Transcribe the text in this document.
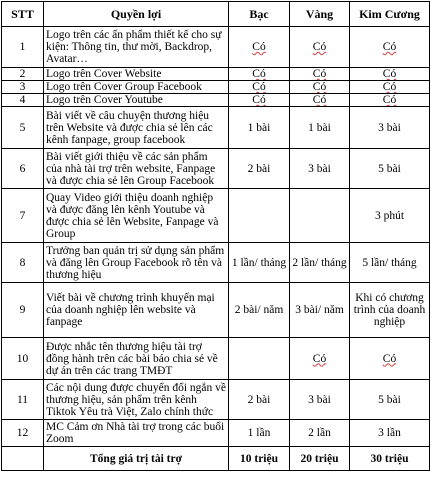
STT	Quyền lợi	Bạc	Vàng	Kim Cương
1	Logo trên các ấn phẩm thiết kế cho sự kiện: Thông tin, thư mời, Backdrop, Avatar…	Có	Có	Có
2	Logo trên Cover Website	Có	Có	Có
3	Logo trên Cover Group Facebook	Có	Có	Có
4	Logo trên Cover Youtube	Có	Có	Có
5	Bài viết về câu chuyện thương hiệu trên Website và được chia sẻ lên các kênh fanpage, group facebook	1 bài	1 bài	3 bài
6	Bài viết giới thiệu về các sản phẩm của nhà tài trợ trên website, Fanpage và được chia sẻ lên Group Facebook	2 bài	3 bài	5 bài
7	Quay Video giới thiệu doanh nghiệp và được đăng lên kênh Youtube và được chia sẻ lên Website, Fanpage và Group			3 phút
8	Trưởng ban quản trị sử dụng sản phẩm và đăng lên Group Facebook rõ tên và thương hiệu	1 lần/ tháng	2 lần/ tháng	5 lần/ tháng
9	Viết bài về chương trình khuyến mại của doanh nghiệp lên website và fanpage	2 bài/ năm	3 bài/ năm	Khi có chương trình của doanh nghiệp
10	Được nhắc tên thương hiệu tài trợ đồng hành trên các bài báo chia sẻ về dự án trên các trang TMĐT		Có	Có
11	Các nội dung được chuyển đổi ngắn về thương hiệu, sản phẩm trên kênh Tiktok Yêu trà Việt, Zalo chính thức	2 bài	3 bài	5 bài
12	MC Cảm ơn Nhà tài trợ trong các buổi Zoom	1 lần	2 lần	3 lần
	Tổng giá trị tài trợ	10 triệu	20 triệu	30 triệu
